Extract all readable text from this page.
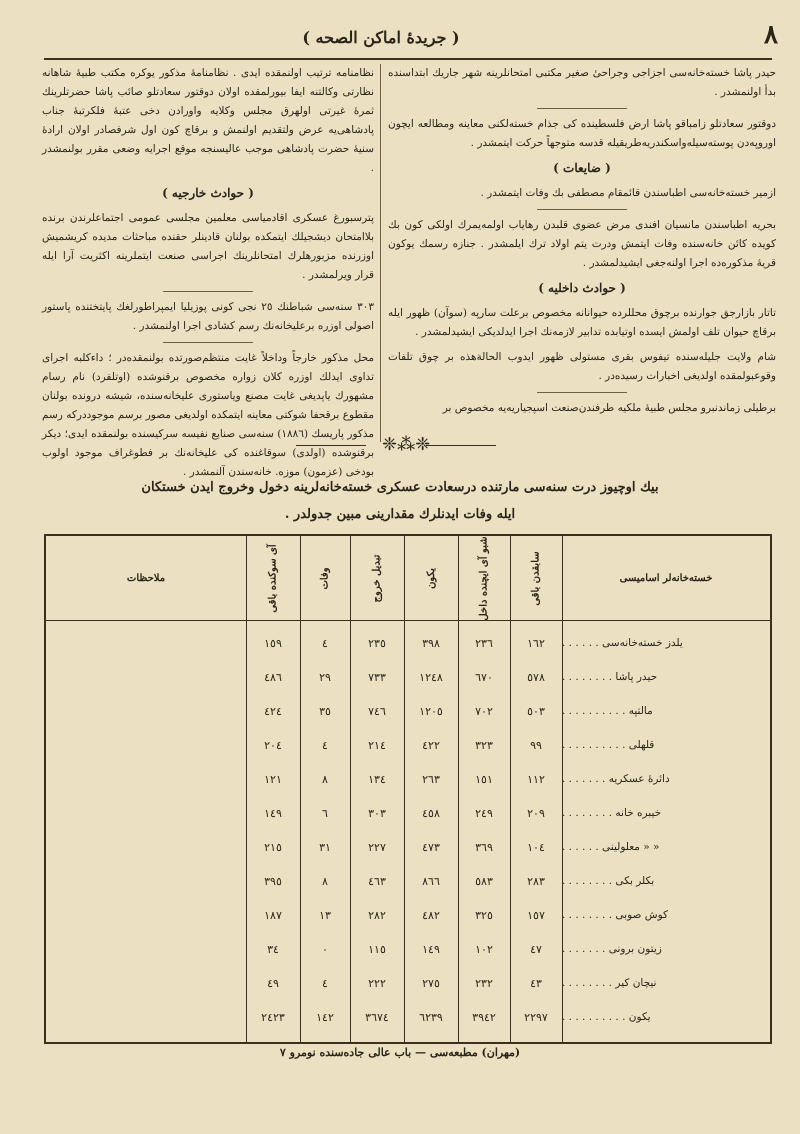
( جريدهٔ اماكن الصحه )	٨

حيدر پاشا خسته‌خانه‌سی اجزاجی وجراحیٔ صغیر مکتبی امتحانلرینه شهر جاريك ابتداسنده بدأ اولنمشدر .

دوقتور سعادتلو زامباقو پاشا ارض فلسطینده کی جذام خسته‌لکنی معاینه ومطالعه ایچون اوروپه‌دن پوسته‌سیله‌واسکندریه‌طریقیله قدسه متوجهاً حرکت ایتمشدر .

( ضایعات )

ازمیر خسته‌خانه‌سی اطباسندن قائمقام مصطفی بك وفات ایتمشدر .

بحریه اطباسندن مانسیان افندی مرض عضوی قلبدن رهاياب اولمه‌یمرك اولکی کون بك کویده کائن خانه‌سنده وفات ایتمش ودرت یتم اولاد ترك ایلمشدر . جنازه رسمك یوکون قریهٔ مذکوره‌ده اجرا اولنه‌جغی ایشیدلمشدر .

( حوادث داخلیه )

تاتار بازارجق جوارنده برچوق محللرده حیوانانه مخصوص برعلت سارپه (سوآن) ظهور ایله برقاچ حیوان تلف اولمش ایسده اوتیابده تدابیر لازمه‌نك اجرا ایدلدیکی ایشیدلمشدر .

شام ولایت جلیله‌سنده تیفوس بقری مستولی ظهور ایدوب الحالةهذه بر چوق تلفات وقوعبولمقده اولدیغی اخبارات رسیده‌در .

برطیلی زماندنبرو مجلس طبیهٔ ملکیه طرفندن‌صنعت اسپجیاریه‌یه مخصوص بر

نظامنامه ترتیب اولنمقده ایدی . نظامنامهٔ مذکور یوکره مکتب طبیهٔ شاهانه نظارتی وکالتنه ایفا بیورلمقده اولان دوقتور سعادتلو صائب پاشا حضرتلرینك ثمرهٔ غیرتی اولهرق مجلس وکلایه واورادن دخی عتبهٔ فلكرتبهٔ جناب پادشاهی‌یه عرض ولتقدیم اولنمش و برقاچ کون اول شرفصادر اولان ارادهٔ سنیهٔ حضرت پادشاهی موجب عالیسنجه موقع اجرایه وضعی مقرر بولنمشدر .

( حوادث خارجیه )

پترسبورغ عسکری اقادمیاسی معلمین مجلسی عمومی اجتماعلرندن برنده بلاامتحان دیشجیلك ایتمکده بولنان قادینلر حقنده مباحثات مدیده کریشمیش اوزرنده مزبورهلرك امتحانلرینك اجراسی صنعت ایتملرینه اکثریت آرا ایله قرار ویرلمشدر .

٣٠٣ سنه‌سی شباطنك ٢٥ نجی کونی پوزیلیا ایمپراطورلغك پایتختنده پاستور اصولی اوزره برعلیخانه‌نك رسم کشادی اجرا اولنمشدر .

محل مذکور خارجاً وداخلاً غایت منتظم‌صورتده بولنمقده‌در ؛ داءکلبه اجرای تداوی ایدلك اوزره کلان زواره مخصوص برقنوشده (اوتلفرد) نام رسام مشهورك یاپدیغی غایت مصنع ویاستوری علیخانه‌سنده، شیشه درونده بولنان مقطوع برقحفا شوکتی معاینه ایتمکده اولدیغی مصور برسم موجوددرکه رسم مذکور پاریسك (١٨٨٦) سنه‌سی صنایع نفیسه سرکیسنده بولنمقده ایدی؛ دیکر برقنوشده (اولدی) سوقاغنده کی علیخانه‌نك بر فطوغراف موجود اولوب بودخی (عزمون) موزه‌. خانه‌سندن آلنمشدر .

❈⁂❈
بیك اوچیوز درت سنه‌سی مارتنده درسعادت عسکری خسته‌خانه‌لرینه دخول وخروج ایدن خستکان
ایله وفات ایدنلرك مقدارینی مبین جدولدر .
خسته‌خانه‌لر اسامیسی
سابقدن باقی
شبو آی ایچنده داخل
یکون
تبدیل خروج
وفات
آی سوکنده باقی
ملاحظات
یلدز خسته‌خانه‌سی . . . . . .
١٦٢
٢٣٦
٣٩٨
٢٣٥
٤
١٥٩
حیدر پاشا . . . . . . . .
٥٧٨
٦٧٠
١٢٤٨
٧٣٣
٢٩
٤٨٦
مالتپه . . . . . . . . . .
٥٠٣
٧٠٢
١٢٠٥
٧٤٦
٣٥
٤٢٤
قلهلی . . . . . . . . . .
٩٩
٣٢٣
٤٢٢
٢١٤
٤
٢٠٤
دائرهٔ عسکریه . . . . . . .
١١٢
١٥١
٢٦٣
١٣٤
٨
١٢١
خیبره خانه . . . . . . . .
٢٠٩
٢٤٩
٤٥٨
٣٠٣
٦
١٤٩
« « معلولینی . . . . . .
١٠٤
٣٦٩
٤٧٣
٢٢٧
٣١
٢١٥
بکلر بکی . . . . . . . .
٢٨٣
٥٨٣
٨٦٦
٤٦٣
٨
٣٩٥
کوش صوبی . . . . . . . .
١٥٧
٣٢٥
٤٨٢
٢٨٢
١٣
١٨٧
زیتون برونی . . . . . . .
٤٧
١٠٢
١٤٩
١١٥
٠
٣٤
نیچان کیر . . . . . . . .
٤٣
٢٣٢
٢٧٥
٢٢٢
٤
٤٩
یکون . . . . . . . . . .
٢٢٩٧
٣٩٤٢
٦٢٣٩
٣٦٧٤
١٤٢
٢٤٢٣
(مهران) مطبعه‌سی — باب عالی جاده‌سنده نومرو ٧
